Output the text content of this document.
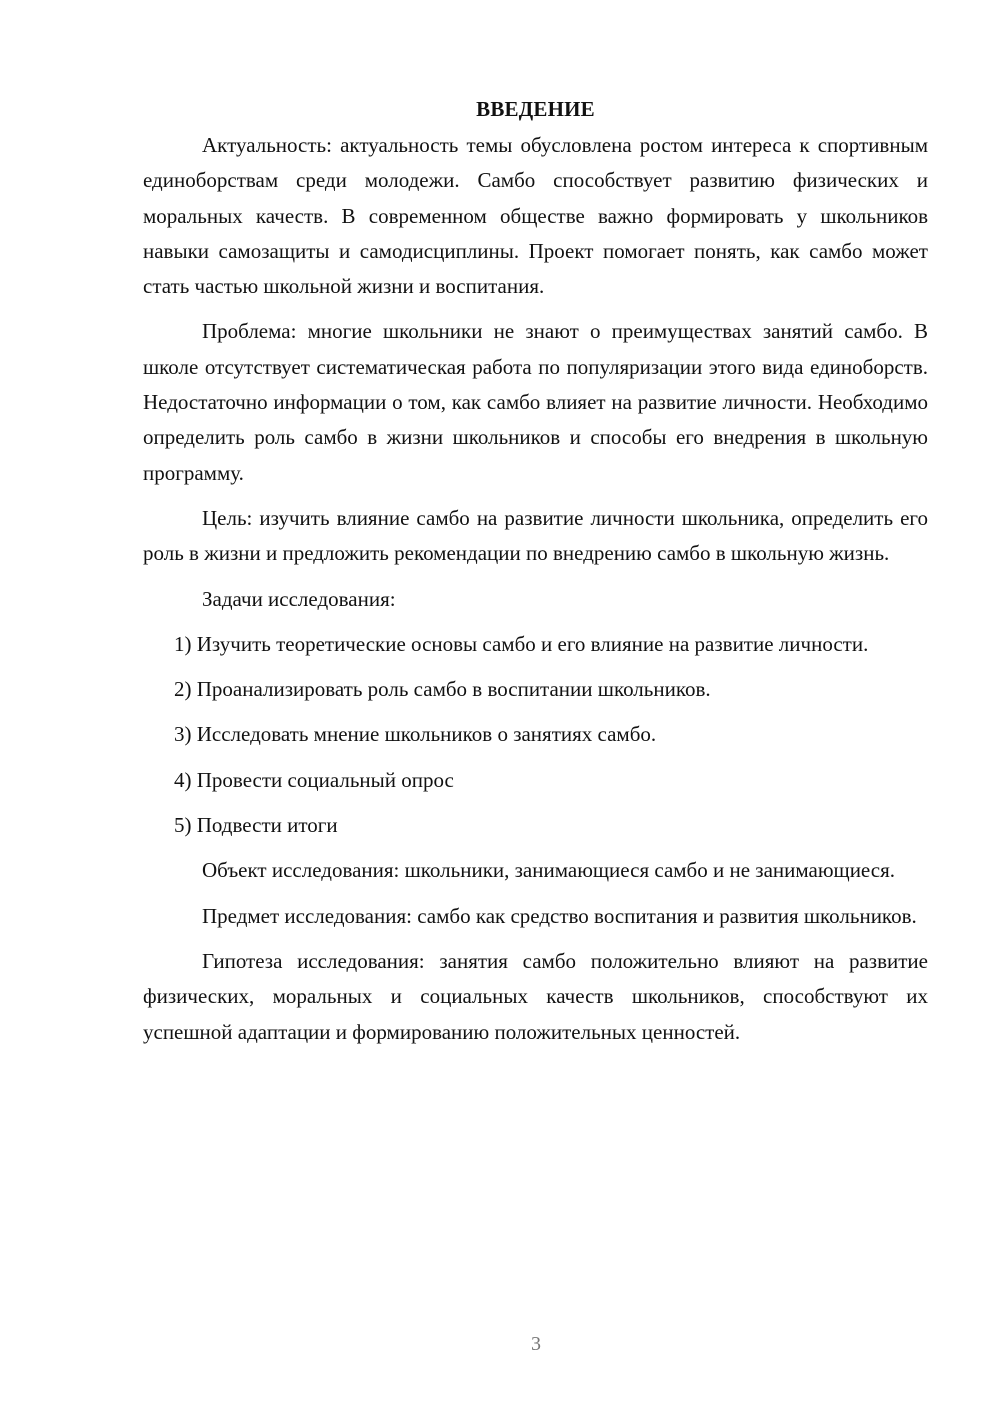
ВВЕДЕНИЕ

Актуальность: актуальность темы обусловлена ростом интереса к спортивным единоборствам среди молодежи. Самбо способствует развитию физических и моральных качеств. В современном обществе важно формировать у школьников навыки самозащиты и самодисциплины. Проект помогает понять, как самбо может стать частью школьной жизни и воспитания.

Проблема: многие школьники не знают о преимуществах занятий самбо. В школе отсутствует систематическая работа по популяризации этого вида единоборств. Недостаточно информации о том, как самбо влияет на развитие личности. Необходимо определить роль самбо в жизни школьников и способы его внедрения в школьную программу.

Цель: изучить влияние самбо на развитие личности школьника, определить его роль в жизни и предложить рекомендации по внедрению самбо в школьную жизнь.

Задачи исследования:

1) Изучить теоретические основы самбо и его влияние на развитие личности.

2) Проанализировать роль самбо в воспитании школьников.

3) Исследовать мнение школьников о занятиях самбо.

4) Провести социальный опрос

5) Подвести итоги

Объект исследования: школьники, занимающиеся самбо и не занимающиеся.

Предмет исследования: самбо как средство воспитания и развития школьников.

Гипотеза исследования: занятия самбо положительно влияют на развитие физических, моральных и социальных качеств школьников, способствуют их успешной адаптации и формированию положительных ценностей.

3
